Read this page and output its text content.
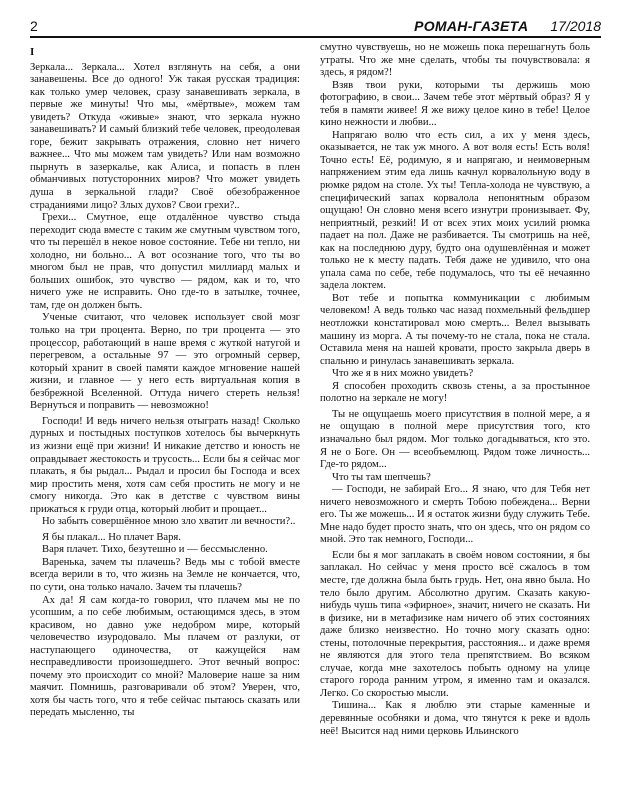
2	РОМАН-ГАЗЕТА 17/2018

I

Зеркала... Зеркала... Хотел взглянуть на себя, а они занавешены. Все до одного! Уж такая русская традиция: как только умер человек, сразу занавешивать зеркала, в первые же минуты! Что мы, «мёртвые», можем там увидеть? Откуда «живые» знают, что зеркала нужно занавешивать? И самый близкий тебе человек, преодолевая горе, бежит закрывать отражения, словно нет ничего важнее... Что мы можем там увидеть? Или нам возможно пырнуть в зазеркалье, как Алиса, и попасть в плен обманчивых потусторонних миров? Что может увидеть душа в зеркальной глади? Своё обезображенное страданиями лицо? Злых духов? Свои грехи?..

Грехи... Смутное, еще отдалённое чувство стыда переходит сюда вместе с таким же смутным чувством того, что ты перешёл в некое новое состояние. Тебе ни тепло, ни холодно, ни больно... А вот осознание того, что ты во многом был не прав, что допустил миллиард малых и больших ошибок, это чувство — рядом, как и то, что ничего уже не исправить. Оно где-то в затылке, точнее, там, где он должен быть.

Ученые считают, что человек использует свой мозг только на три процента. Верно, по три процента — это процессор, работающий в наше время с жуткой натугой и перегревом, а остальные 97 — это огромный сервер, который хранит в своей памяти каждое мгновение нашей жизни, и главное — у него есть виртуальная копия в безбрежной Вселенной. Оттуда ничего стереть нельзя! Вернуться и поправить — невозможно!

Господи! И ведь ничего нельзя отыграть назад! Сколько дурных и постыдных поступков хотелось бы вычеркнуть из жизни ещё при жизни! И никакие детство и юность не оправдывает жестокость и трусость... Если бы я сейчас мог плакать, я бы рыдал... Рыдал и просил бы Господа и всех мир простить меня, хотя сам себя простить не могу и не смогу никогда. Это как в детстве с чувством вины прижаться к груди отца, который любит и прощает...

Но забыть совершённое мною зло хватит ли вечности?..

Я бы плакал... Но плачет Варя.

Варя плачет. Тихо, безутешно и — бессмысленно.

Варенька, зачем ты плачешь? Ведь мы с тобой вместе всегда верили в то, что жизнь на Земле не кончается, что, по сути, она только начало. Зачем ты плачешь?

Ах да! Я сам когда-то говорил, что плачем мы не по усопшим, а по себе любимым, остающимся здесь, в этом красивом, но давно уже недобром мире, который человечество изуродовало. Мы плачем от разлуки, от наступающего одиночества, от кажущейся нам несправедливости произошедшего. Этот вечный вопрос: почему это происходит со мной? Маловерие наше за ним маячит. Помнишь, разговаривали об этом? Уверен, что, хотя бы часть того, что я тебе сейчас пытаюсь сказать или передать мысленно, ты

смутно чувствуешь, но не можешь пока перешагнуть боль утраты. Что же мне сделать, чтобы ты почувствовала: я здесь, я рядом?!

Взяв твои руки, которыми ты держишь мою фотографию, в свои... Зачем тебе этот мёртвый образ? Я у тебя в памяти живее! Я же вижу целое кино в тебе! Целое кино нежности и любви...

Напрягаю волю что есть сил, а их у меня здесь, оказывается, не так уж много. А вот воля есть! Есть воля! Точно есть! Её, родимую, я и напрягаю, и неимоверным напряжением этим еда лишь качнул корвалольную воду в рюмке рядом на столе. Ух ты! Тепла-холода не чувствую, а специфический запах корвалола непонятным образом ощущаю! Он словно меня всего изнутри пронизывает. Фу, неприятный, резкий! И от всех этих моих усилий рюмка падает на пол. Даже не разбивается. Ты смотришь на неё, как на последнюю дуру, будто она одушевлённая и может только не к месту падать. Тебя даже не удивило, что она упала сама по себе, тебе подумалось, что ты её нечаянно задела локтем.

Вот тебе и попытка коммуникации с любимым человеком! А ведь только час назад похмельный фельдшер неотложки констатировал мою смерть... Велел вызывать машину из морга. А ты почему-то не стала, пока не стала. Оставила меня на нашей кровати, просто закрыла дверь в спальню и ринулась занавешивать зеркала.

Что же я в них можно увидеть?

Я способен проходить сквозь стены, а за простынное полотно на зеркале не могу!

Ты не ощущаешь моего присутствия в полной мере, а я не ощущаю в полной мере присутствия того, кто изначально был рядом. Мог только догадываться, кто это. Я не о Боге. Он — всеобъемлющ. Рядом тоже личность... Где-то рядом...

Что ты там шепчешь?

— Господи, не забирай Его... Я знаю, что для Тебя нет ничего невозможного и смерть Тобою побеждена... Верни его. Ты же можешь... И я остаток жизни буду служить Тебе. Мне надо будет просто знать, что он здесь, что он рядом со мной. Это так немного, Господи...

Если бы я мог заплакать в своём новом состоянии, я бы заплакал. Но сейчас у меня просто всё сжалось в том месте, где должна была быть грудь. Нет, она явно была. Но тело было другим. Абсолютно другим. Сказать какую-нибудь чушь типа «эфирное», значит, ничего не сказать. Ни в физике, ни в метафизике нам ничего об этих состояниях даже близко неизвестно. Но точно могу сказать одно: стены, потолочные перекрытия, расстояния... и даже время не являются для этого тела препятствием. Во всяком случае, когда мне захотелось побыть одному на улице старого города ранним утром, я именно там и оказался. Легко. Со скоростью мысли.

Тишина... Как я люблю эти старые каменные и деревянные особняки и дома, что тянутся к реке и вдоль неё! Высится над ними церковь Ильинского
